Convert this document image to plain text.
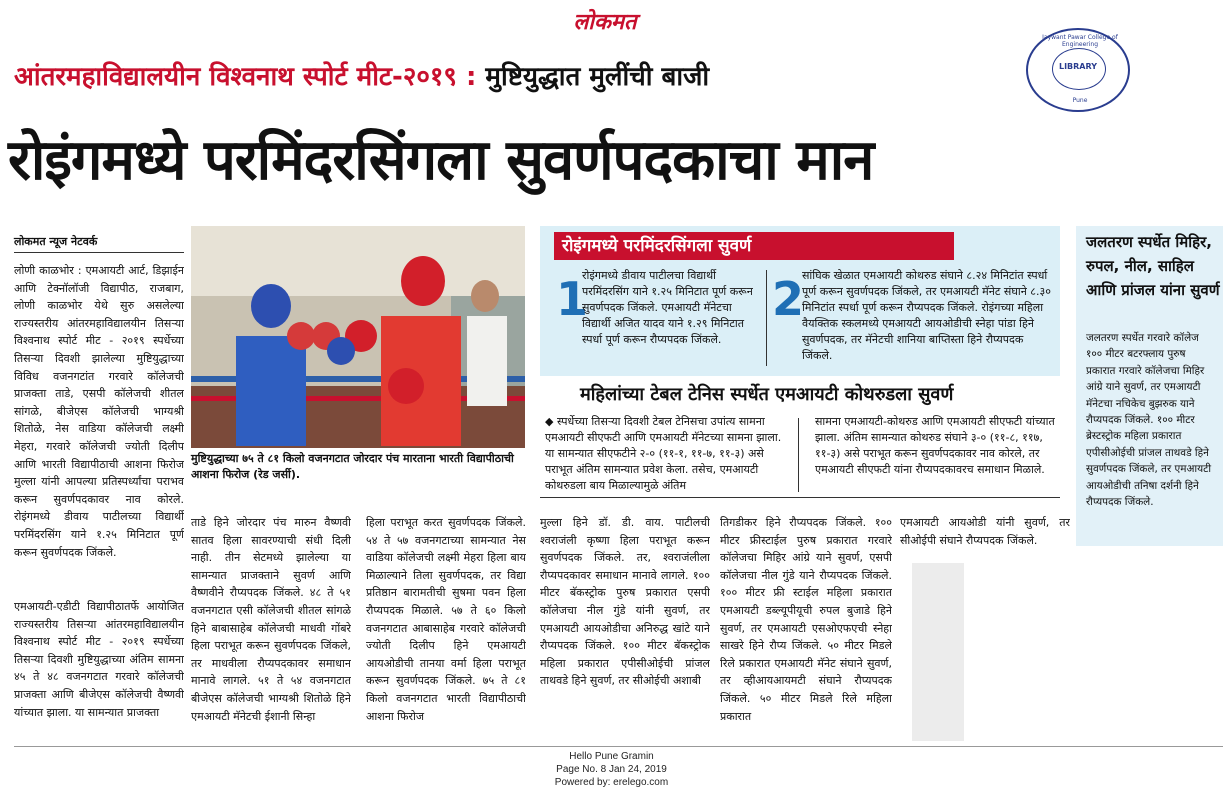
लोकमत
Jaywant Pawar College of Engineering
LIBRARY
Pune
आंतरमहाविद्यालयीन विश्वनाथ स्पोर्ट मीट-२०१९ : मुष्टियुद्धात मुलींची बाजी
रोइंगमध्ये परमिंदरसिंगला सुवर्णपदकाचा मान
लोकमत न्यूज नेटवर्क
लोणी काळभोर : एमआयटी आर्ट, डिझाईन आणि टेक्नॉलॉजी विद्यापीठ, राजबाग, लोणी काळभोर येथे सुरु असलेल्या राज्यस्तरीय आंतरमहाविद्यालयीन तिसऱ्या विश्वनाथ स्पोर्ट मीट - २०१९ स्पर्धेच्या तिसऱ्या दिवशी झालेल्या मुष्टियुद्धाच्या विविध वजनगटांत गरवारे कॉलेजची प्राजक्ता ताडे, एसपी कॉलेजची शीतल सांगळे, बीजेएस कॉलेजची भाग्यश्री शितोळे, नेस वाडिया कॉलेजची लक्ष्मी मेहरा, गरवारे कॉलेजची ज्योती दिलीप आणि भारती विद्यापीठाची आशना फिरोज मुल्ला यांनी आपल्या प्रतिस्पर्ध्यांचा पराभव करून सुवर्णपदकावर नाव कोरले. रोइंगमध्ये डीवाय पाटीलच्या विद्यार्थी परमिंदरसिंग याने १.२५ मिनिटात पूर्ण करून सुवर्णपदक जिंकले.
एमआयटी-एडीटी विद्यापीठातर्फे आयोजित राज्यस्तरीय तिसऱ्या आंतरमहाविद्यालयीन विश्वनाथ स्पोर्ट मीट - २०१९ स्पर्धेच्या तिसऱ्या दिवशी मुष्टियुद्धाच्या अंतिम सामना ४५ ते ४८ वजनगटात गरवारे कॉलेजची प्राजक्ता आणि बीजेएस कॉलेजची वैष्णवी यांच्यात झाला. या सामन्यात प्राजक्ता
मुष्टियुद्धाच्या ७५ ते ८१ किलो वजनगटात जोरदार पंच मारताना भारती विद्यापीठाची आशना फिरोज (रेड जर्सी).
ताडे हिने जोरदार पंच मारुन वैष्णवी सातव हिला सावरण्याची संधी दिली नाही. तीन सेटमध्ये झालेल्या या सामन्यात प्राजक्ताने सुवर्ण आणि वैष्णवीने रौप्यपदक जिंकले. ४८ ते ५१ वजनगटात एसी कॉलेजची शीतल सांगळे हिने बाबासाहेब कॉलेजची माधवी गोंबरे हिला पराभूत करून सुवर्णपदक जिंकले, तर माधवीला रौप्यपदकावर समाधान मानावे लागले. ५१ ते ५४ वजनगटात बीजेएस कॉलेजची भाग्यश्री शितोळे हिने एमआयटी मॅनेटची ईशानी सिन्हा
हिला पराभूत करत सुवर्णपदक जिंकले. ५४ ते ५७ वजनगटाच्या सामन्यात नेस वाडिया कॉलेजची लक्ष्मी मेहरा हिला बाय मिळाल्याने तिला सुवर्णपदक, तर विद्या प्रतिष्ठान बारामतीची सुषमा पवन हिला रौप्यपदक मिळाले. ५७ ते ६० किलो वजनगटात आबासाहेब गरवारे कॉलेजची ज्योती दिलीप हिने एमआयटी आयओडीची तानया वर्मा हिला पराभूत करून सुवर्णपदक जिंकले. ७५ ते ८१ किलो वजनगटात भारती विद्यापीठाची आशना फिरोज
मुल्ला हिने डॉ. डी. वाय. पाटीलची श्वराजंली कृष्णा हिला पराभूत करून सुवर्णपदक जिंकले. तर, श्वराजंलीला रौप्यपदकावर समाधान मानावे लागले. १०० मीटर बॅकस्ट्रोक पुरुष प्रकारात एसपी कॉलेजचा नील गुंडे यांनी सुवर्ण, तर एमआयटी आयओडीचा अनिरुद्ध खांटे याने रौप्यपदक जिंकले. १०० मीटर बॅकस्ट्रोक महिला प्रकारात एपीसीओईची प्रांजल ताथवडे हिने सुवर्ण, तर सीओईची अशाबी
तिगडीकर हिने रौप्यपदक जिंकले. १०० मीटर फ्रीस्टाईल पुरुष प्रकारात गरवारे कॉलेजचा मिहिर आंग्रे याने सुवर्ण, एसपी कॉलेजचा नील गुंडे याने रौप्यपदक जिंकले. १०० मीटर फ्री स्टाईल महिला प्रकारात एमआयटी डब्ल्यूपीयूची रुपल बुजाडे हिने सुवर्ण, तर एमआयटी एसओएफएची स्नेहा साखरे हिने रौप्य जिंकले. ५० मीटर मिडले रिले प्रकारात एमआयटी मॅनेट संघाने सुवर्ण, तर व्हीआयआयमटी संघाने रौप्यपदक जिंकले. ५० मीटर मिडले रिले महिला प्रकारात
एमआयटी आयओडी यांनी सुवर्ण, तर सीओईपी संघाने रौप्यपदक जिंकले.
रोइंगमध्ये परमिंदरसिंगला सुवर्ण
1
रोइंगमध्ये डीवाय पाटीलचा विद्यार्थी परमिंदरसिंग याने १.२५ मिनिटात पूर्ण करून सुवर्णपदक जिंकले. एमआयटी मॅनेटचा विद्यार्थी अजित यादव याने १.२९ मिनिटात स्पर्धा पूर्ण करून रौप्यपदक जिंकले.
2
सांघिक खेळात एमआयटी कोथरुड संघाने ८.२४ मिनिटांत स्पर्धा पूर्ण करून सुवर्णपदक जिंकले, तर एमआयटी मॅनेट संघाने ८.३० मिनिटांत स्पर्धा पूर्ण करून रौप्यपदक जिंकले. रोइंगच्या महिला वैयक्तिक स्कलमध्ये एमआयटी आयओडीची स्नेहा पांडा हिने सुवर्णपदक, तर मॅनेटची शानिया बाप्तिस्ता हिने रौप्यपदक जिंकले.
महिलांच्या टेबल टेनिस स्पर्धेत एमआयटी कोथरुडला सुवर्ण
◆ स्पर्धेच्या तिसऱ्या दिवशी टेबल टेनिसचा उपांत्य सामना एमआयटी सीएफटी आणि एमआयटी मॅनेटच्या सामना झाला. या सामन्यात सीएफटीने २-० (११-१, ११-७, ११-३) असे पराभूत अंतिम सामन्यात प्रवेश केला. तसेच, एमआयटी कोथरुडला बाय मिळाल्यामुळे अंतिम
सामना एमआयटी-कोथरुड आणि एमआयटी सीएफटी यांच्यात झाला. अंतिम सामन्यात कोथरुड संघाने ३-० (११-८, ११७, ११-३) असे पराभूत करून सुवर्णपदकावर नाव कोरले, तर एमआयटी सीएफटी यांना रौप्यपदकावरच समाधान मिळाले.
जलतरण स्पर्धेत मिहिर, रुपल, नील, साहिल आणि प्रांजल यांना सुवर्ण
जलतरण स्पर्धेत गरवारे कॉलेज १०० मीटर बटरफ्लाय पुरुष प्रकारात गरवारे कॉलेजचा मिहिर आंग्रे याने सुवर्ण, तर एमआयटी मॅनेटचा नचिकेच बुझरुक याने रौप्यपदक जिंकले. १०० मीटर ब्रेस्टस्ट्रोक महिला प्रकारात एपीसीओईची प्रांजल ताथवडे हिने सुवर्णपदक जिंकले, तर एमआयटी आयओडीची तनिषा दर्शनी हिने रौप्यपदक जिंकले.
Hello Pune Gramin
Page No. 8 Jan 24, 2019
Powered by: erelego.com
